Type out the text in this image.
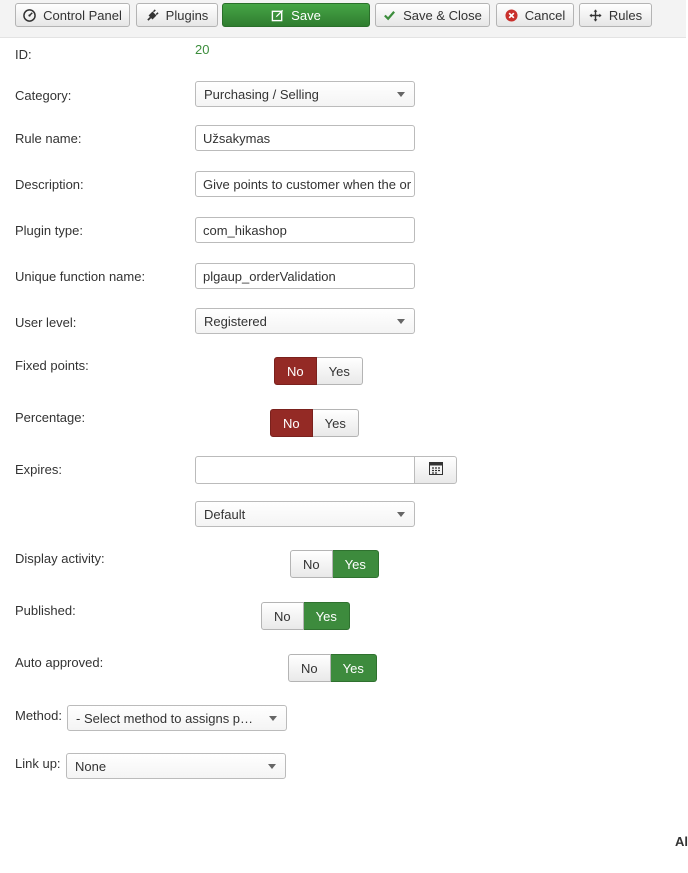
Control Panel	Plugins	Save	Save & Close	Cancel	Rules
ID:	20
Category:	Purchasing / Selling
Rule name:	Užsakymas
Description:	Give points to customer when the or
Plugin type:	com_hikashop
Unique function name:	plgaup_orderValidation
User level:	Registered
Fixed points:	No	Yes
Percentage:	No	Yes
Expires:
Default
Display activity:	No	Yes
Published:	No	Yes
Auto approved:	No	Yes
Method: - Select method to assigns p…
Link up: None
Al
